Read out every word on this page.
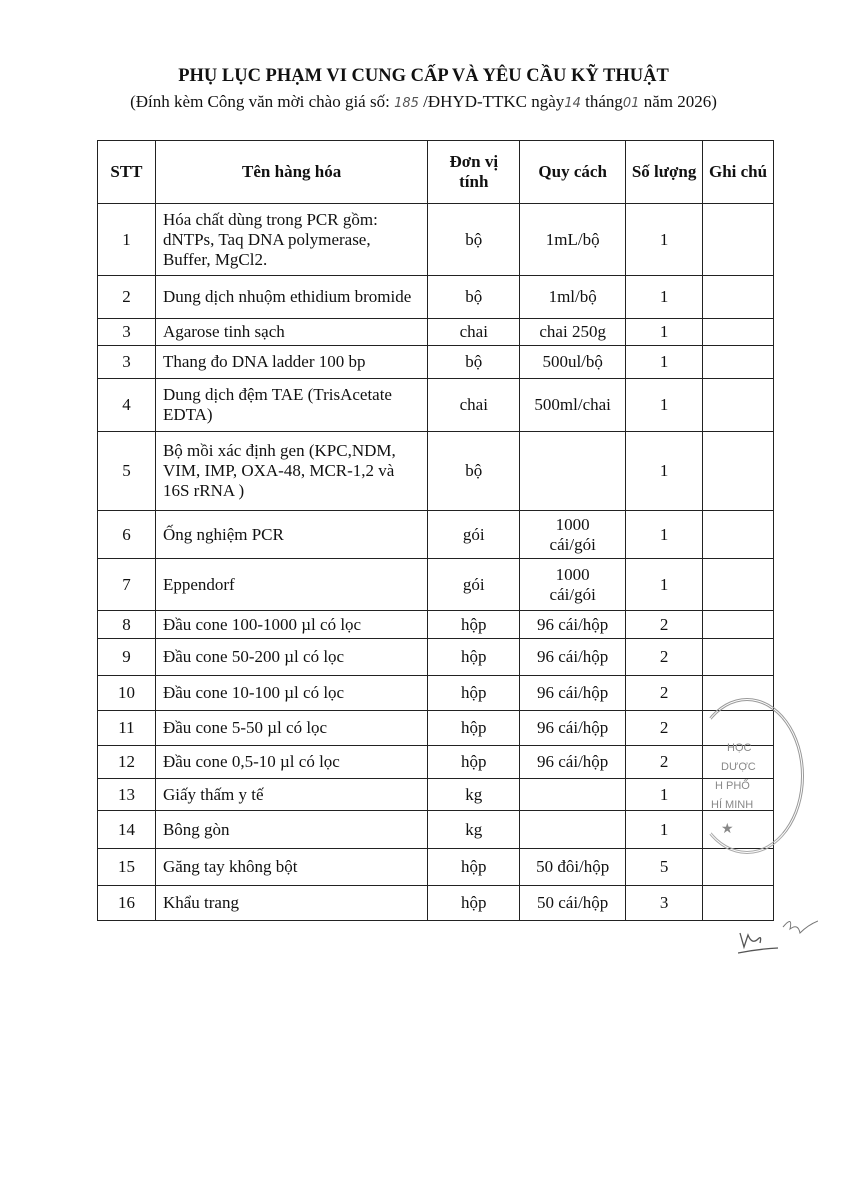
PHỤ LỤC PHẠM VI CUNG CẤP VÀ YÊU CẦU KỸ THUẬT
(Đính kèm Công văn mời chào giá số: 185 /ĐHYD-TTKC ngày14 tháng01 năm 2026)
STT	Tên hàng hóa	Đơn vị tính	Quy cách	Số lượng	Ghi chú
1	Hóa chất dùng trong PCR gồm: dNTPs, Taq DNA polymerase, Buffer, MgCl2.	bộ	1mL/bộ	1	
2	Dung dịch nhuộm ethidium bromide	bộ	1ml/bộ	1	
3	Agarose tinh sạch	chai	chai 250g	1	
3	Thang đo DNA ladder 100 bp	bộ	500ul/bộ	1	
4	Dung dịch đệm TAE (TrisAcetate EDTA)	chai	500ml/chai	1	
5	Bộ mồi xác định gen (KPC,NDM, VIM, IMP, OXA-48, MCR-1,2 và 16S rRNA )	bộ		1	
6	Ống nghiệm PCR	gói	1000 cái/gói	1	
7	Eppendorf	gói	1000 cái/gói	1	
8	Đầu cone 100-1000 µl có lọc	hộp	96 cái/hộp	2	
9	Đầu cone 50-200 µl có lọc	hộp	96 cái/hộp	2	
10	Đầu cone 10-100 µl có lọc	hộp	96 cái/hộp	2	
11	Đầu cone 5-50 µl có lọc	hộp	96 cái/hộp	2	
12	Đầu cone 0,5-10 µl có lọc	hộp	96 cái/hộp	2	
13	Giấy thấm y tế	kg		1	
14	Bông gòn	kg		1	
15	Găng tay không bột	hộp	50 đôi/hộp	5	
16	Khẩu trang	hộp	50 cái/hộp	3	
HỌC
DƯỢC
H PHỐ
HÍ MINH
★
